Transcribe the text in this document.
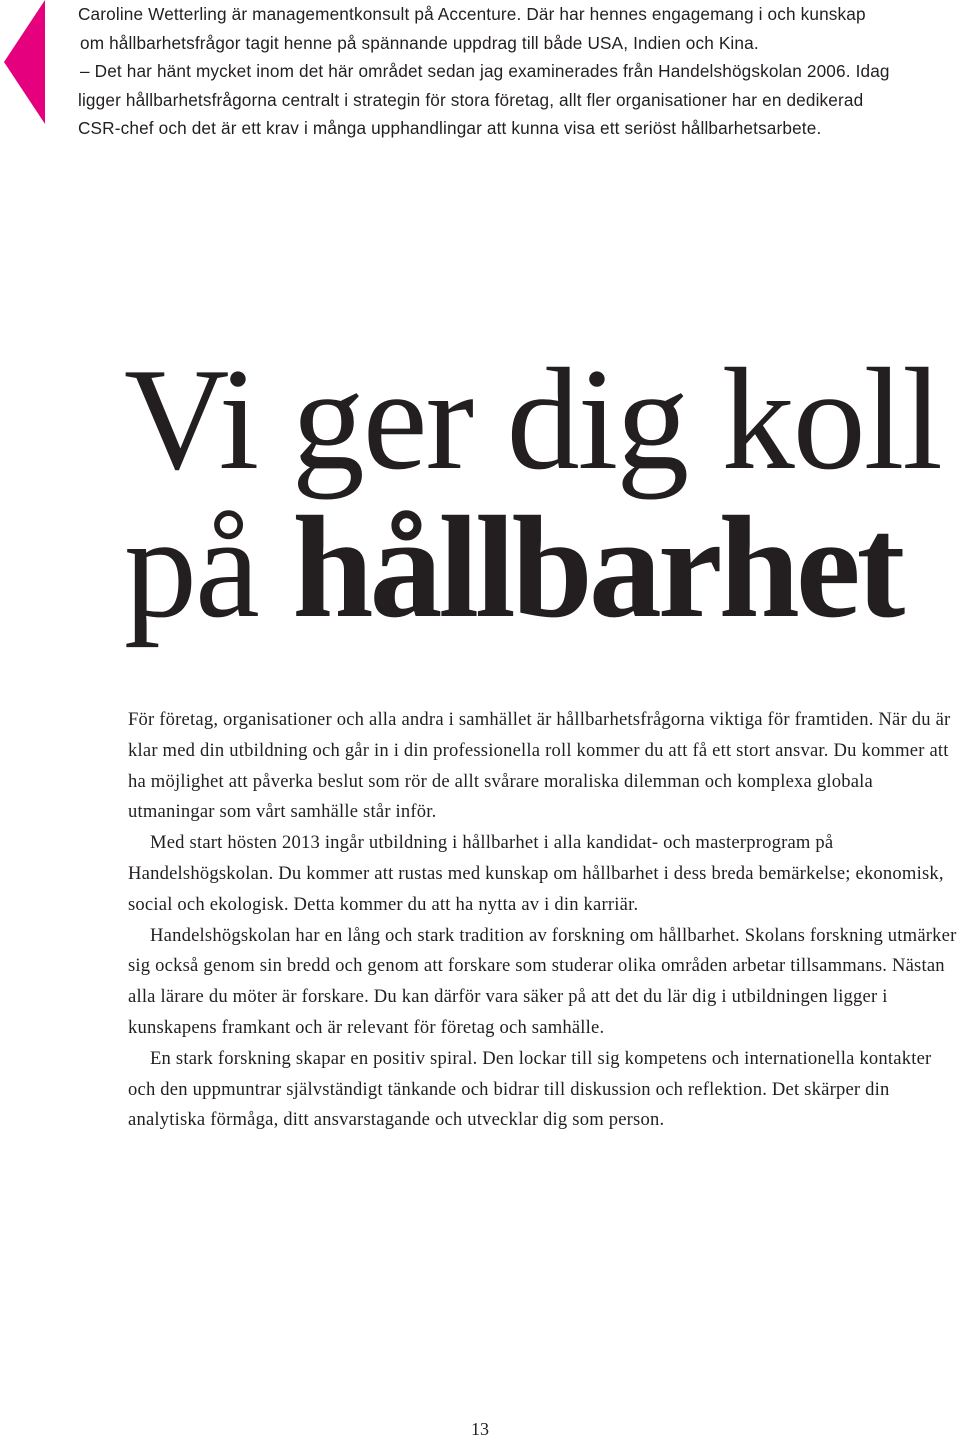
Caroline Wetterling är managementkonsult på Accenture. Där har hennes engagemang i och kunskap

om hållbarhetsfrågor tagit henne på spännande uppdrag till både USA, Indien och Kina.

– Det har hänt mycket inom det här området sedan jag examinerades från Handelshögskolan 2006. Idag

ligger hållbarhetsfrågorna centralt i strategin för stora företag, allt fler organisationer har en dedikerad

CSR-chef och det är ett krav i många upphandlingar att kunna visa ett seriöst hållbarhetsarbete.

Vi ger dig koll
på hållbarhet

För företag, organisationer och alla andra i samhället är hållbarhetsfrågorna viktiga för framtiden. När du är klar med din utbildning och går in i din professionella roll kommer du att få ett stort ansvar. Du kommer att ha möjlighet att påverka beslut som rör de allt svårare moraliska dilemman och komplexa globala utmaningar som vårt samhälle står inför.

Med start hösten 2013 ingår utbildning i hållbarhet i alla kandidat- och masterprogram på Handelshögskolan. Du kommer att rustas med kunskap om hållbarhet i dess breda bemärkelse; ekonomisk, social och ekologisk. Detta kommer du att ha nytta av i din karriär.

Handelshögskolan har en lång och stark tradition av forskning om hållbarhet. Skolans forskning utmärker sig också genom sin bredd och genom att forskare som studerar olika områden arbetar tillsammans. Nästan alla lärare du möter är forskare. Du kan därför vara säker på att det du lär dig i utbildningen ligger i kunskapens framkant och är relevant för företag och samhälle.

En stark forskning skapar en positiv spiral. Den lockar till sig kompetens och internationella kontakter och den uppmuntrar självständigt tänkande och bidrar till diskussion och reflektion. Det skärper din analytiska förmåga, ditt ansvarstagande och utvecklar dig som person.

13
